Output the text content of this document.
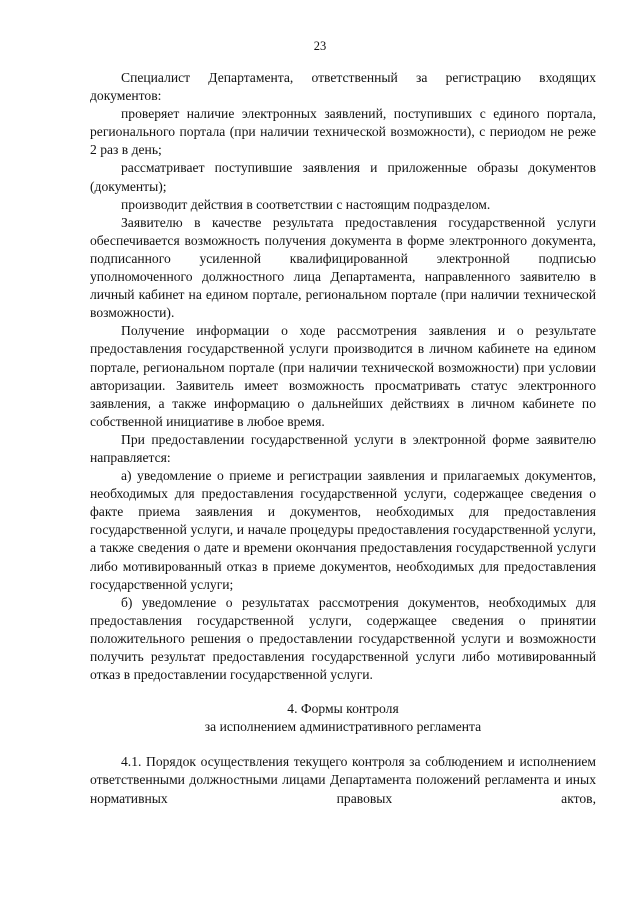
23

Специалист Департамента, ответственный за регистрацию входящих документов:

проверяет наличие электронных заявлений, поступивших с единого портала, регионального портала (при наличии технической возможности), с периодом не реже 2 раз в день;

рассматривает поступившие заявления и приложенные образы документов (документы);

производит действия в соответствии с настоящим подразделом.

Заявителю в качестве результата предоставления государственной услуги обеспечивается возможность получения документа в форме электронного документа, подписанного усиленной квалифицированной электронной подписью уполномоченного должностного лица Департамента, направленного заявителю в личный кабинет на едином портале, региональном портале (при наличии технической возможности).

Получение информации о ходе рассмотрения заявления и о результате предоставления государственной услуги производится в личном кабинете на едином портале, региональном портале (при наличии технической возможности) при условии авторизации. Заявитель имеет возможность просматривать статус электронного заявления, а также информацию о дальнейших действиях в личном кабинете по собственной инициативе в любое время.

При предоставлении государственной услуги в электронной форме заявителю направляется:

а) уведомление о приеме и регистрации заявления и прилагаемых документов, необходимых для предоставления государственной услуги, содержащее сведения о факте приема заявления и документов, необходимых для предоставления государственной услуги, и начале процедуры предоставления государственной услуги, а также сведения о дате и времени окончания предоставления государственной услуги либо мотивированный отказ в приеме документов, необходимых для предоставления государственной услуги;

б) уведомление о результатах рассмотрения документов, необходимых для предоставления государственной услуги, содержащее сведения о принятии положительного решения о предоставлении государственной услуги и возможности получить результат предоставления государственной услуги либо мотивированный отказ в предоставлении государственной услуги.

4. Формы контроля

за исполнением административного регламента

4.1. Порядок осуществления текущего контроля за соблюдением и исполнением ответственными должностными лицами Департамента положений регламента и иных нормативных правовых актов,
